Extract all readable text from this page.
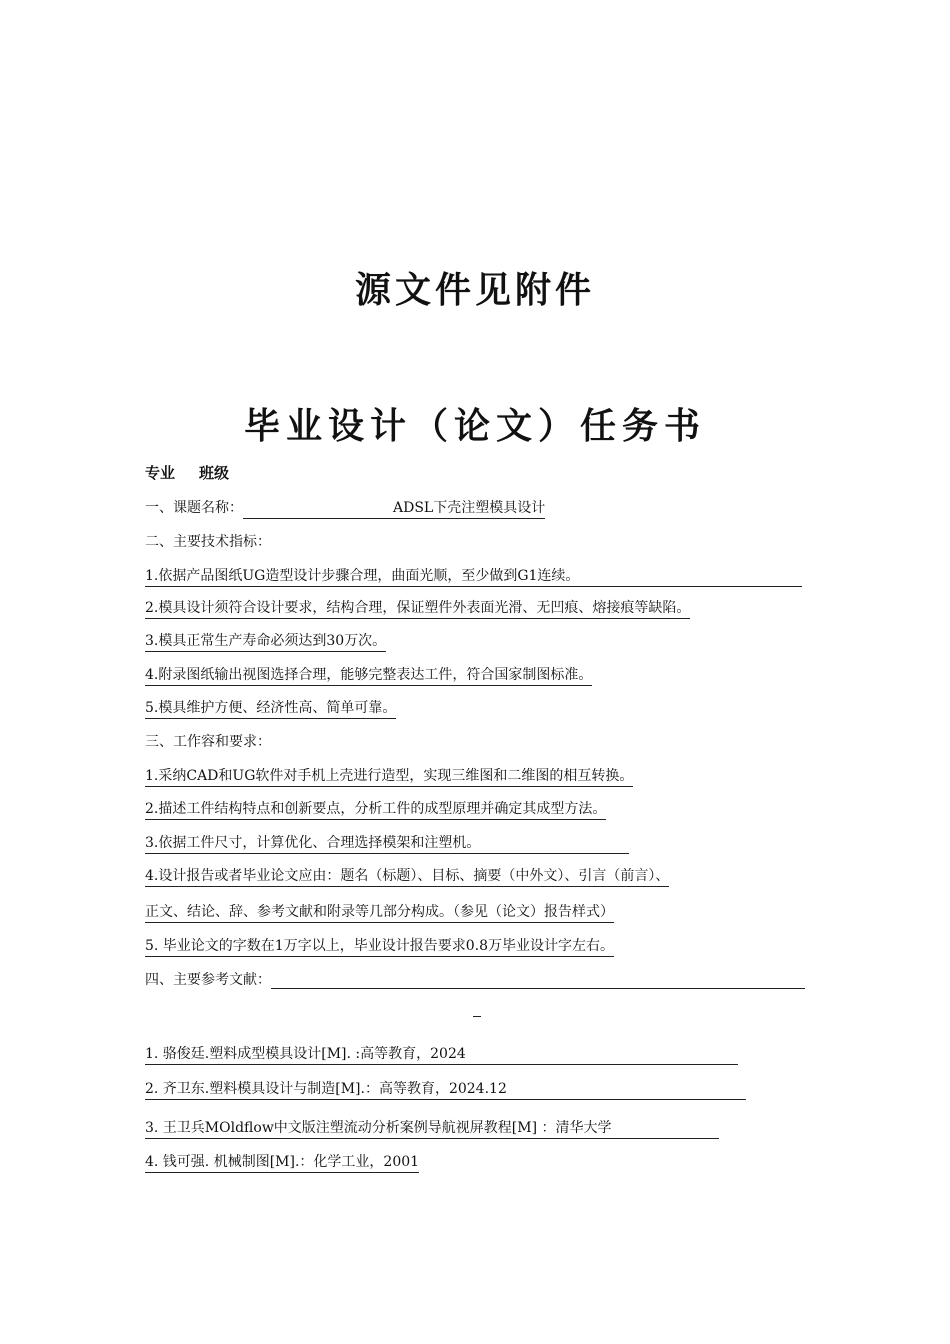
源文件见附件
毕业设计（论文）任务书
专业 班级
一、课题名称：	ADSL下壳注塑模具设计
二、主要技术指标：
1.依据产品图纸UG造型设计步骤合理，曲面光顺，至少做到G1连续。
2.模具设计须符合设计要求，结构合理，保证塑件外表面光滑、无凹痕、熔接痕等缺陷。
3.模具正常生产寿命必须达到30万次。
4.附录图纸输出视图选择合理，能够完整表达工件，符合国家制图标准。
5.模具维护方便、经济性高、简单可靠。
三、工作容和要求：
1.采纳CAD和UG软件对手机上壳进行造型，实现三维图和二维图的相互转换。
2.描述工件结构特点和创新要点，分析工件的成型原理并确定其成型方法。
3.依据工件尺寸，计算优化、合理选择模架和注塑机。
4.设计报告或者毕业论文应由：题名（标题）、目标、摘要（中外文）、引言（前言）、
正文、结论、辞、参考文献和附录等几部分构成。（参见（论文）报告样式）
5. 毕业论文的字数在1万字以上，毕业设计报告要求0.8万毕业设计字左右。
四、主要参考文献：
1. 骆俊廷.塑料成型模具设计[M]. :高等教育，2024
2. 齐卫东.塑料模具设计与制造[M].：高等教育，2024.12
3. 王卫兵MOldflow中文版注塑流动分析案例导航视屏教程[M] ：清华大学
4. 钱可强. 机械制图[M].：化学工业，2001
